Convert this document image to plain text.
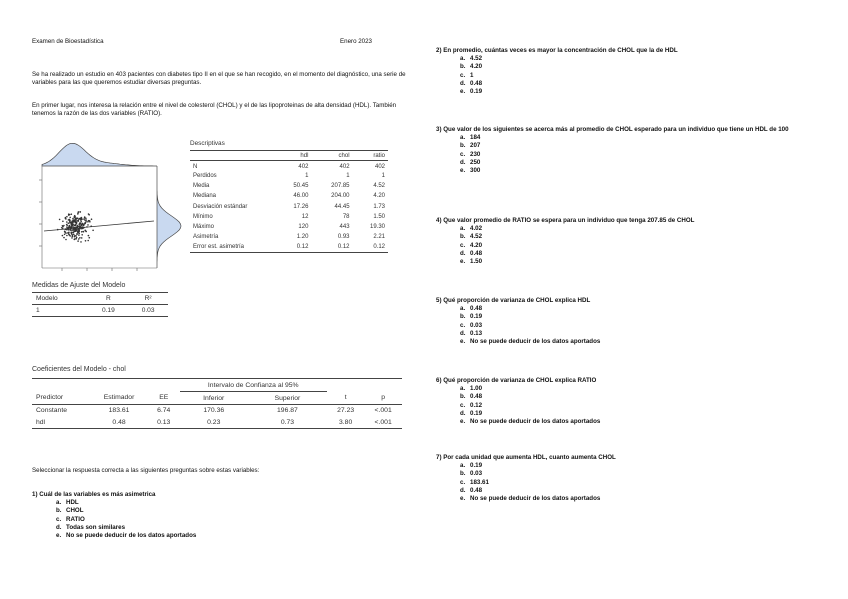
Examen de Bioestadística	Enero 2023
Se ha realizado un estudio en 403 pacientes con diabetes tipo II en el que se han recogido, en el momento del diagnóstico, una serie de variables para las que queremos estudiar diversas preguntas.
En primer lugar, nos interesa la relación entre el nivel de colesterol (CHOL) y el de las lipoproteinas de alta densidad (HDL). También tenemos la razón de las dos variables (RATIO).
Descriptivas
	hdl	chol	ratio
N	402	402	402
Perdidos	1	1	1
Media	50.45	207.85	4.52
Mediana	46.00	204.00	4.20
Desviación estándar	17.26	44.45	1.73
Mínimo	12	78	1.50
Máximo	120	443	19.30
Asimetría	1.20	0.93	2.21
Error est. asimetría	0.12	0.12	0.12
Medidas de Ajuste del Modelo
Modelo	R	R²
1	0.19	0.03
Coeficientes del Modelo - chol
			Intervalo de Confianza al 95%			
Predictor	Estimador	EE	Inferior	Superior	t	p
Constante	183.61	6.74	170.36	196.87	27.23	<.001
hdl	0.48	0.13	0.23	0.73	3.80	<.001
Seleccionar la respuesta correcta a las siguientes preguntas sobre estas variables:
1) Cuál de las variables es más asimetrica
a. HDL
b. CHOL
c. RATIO
d. Todas son similares
e. No se puede deducir de los datos aportados
2) En promedio, cuántas veces es mayor la concentración de CHOL que la de HDL
a. 4.52
b. 4.20
c. 1
d. 0.48
e. 0.19
3) Que valor de los siguientes se acerca más al promedio de CHOL esperado para un individuo que tiene un HDL de 100
a. 184
b. 207
c. 230
d. 250
e. 300
4) Que valor promedio de RATIO se espera para un individuo que tenga 207.85 de CHOL
a. 4.02
b. 4.52
c. 4.20
d. 0.48
e. 1.50
5) Qué proporción de varianza de CHOL explica HDL
a. 0.48
b. 0.19
c. 0.03
d. 0.13
e. No se puede deducir de los datos aportados
6) Qué proporción de varianza de CHOL explica RATIO
a. 1.00
b. 0.48
c. 0.12
d. 0.19
e. No se puede deducir de los datos aportados
7) Por cada unidad que aumenta HDL, cuanto aumenta CHOL
a. 0.19
b. 0.03
c. 183.61
d. 0.48
e. No se puede deducir de los datos aportados
